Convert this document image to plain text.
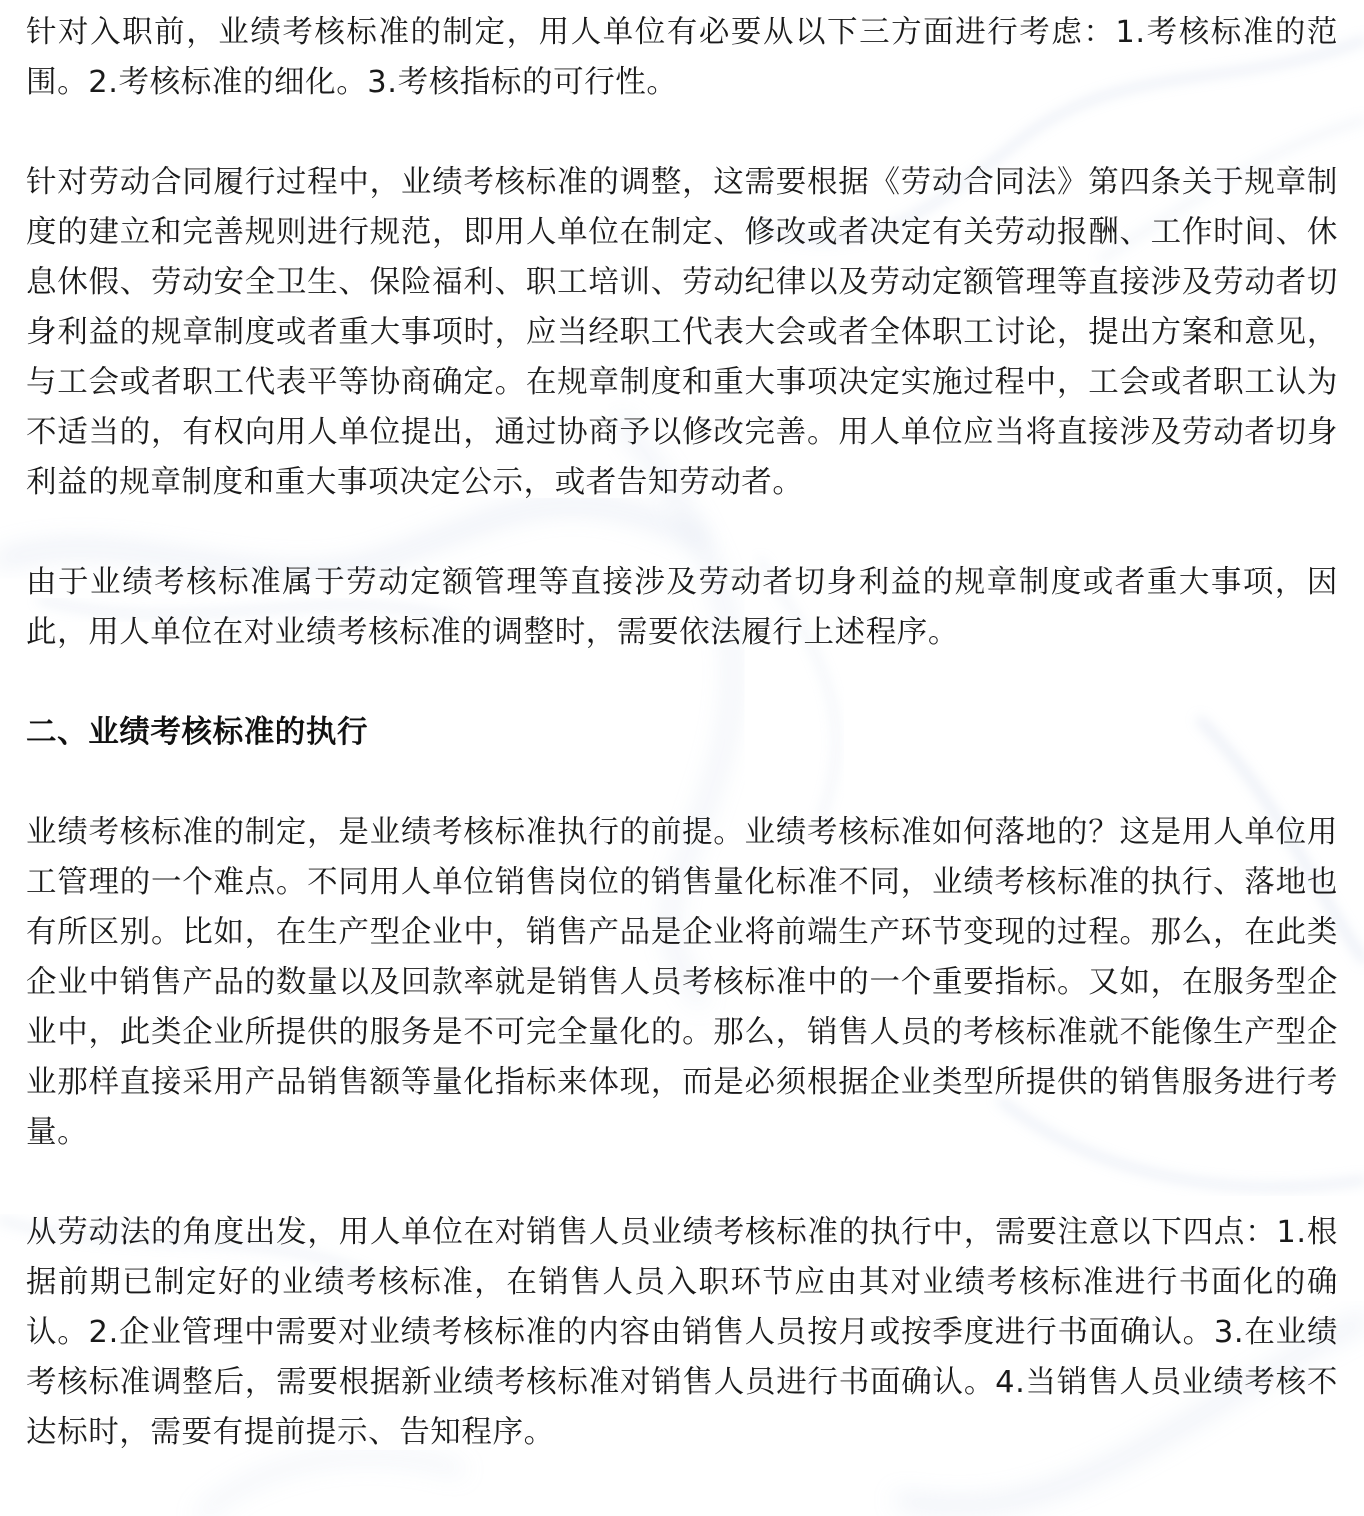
针对入职前，业绩考核标准的制定，用人单位有必要从以下三方面进行考虑：1.考核标准的范围。2.考核标准的细化。3.考核指标的可行性。

针对劳动合同履行过程中，业绩考核标准的调整，这需要根据《劳动合同法》第四条关于规章制度的建立和完善规则进行规范，即用人单位在制定、修改或者决定有关劳动报酬、工作时间、休息休假、劳动安全卫生、保险福利、职工培训、劳动纪律以及劳动定额管理等直接涉及劳动者切身利益的规章制度或者重大事项时，应当经职工代表大会或者全体职工讨论，提出方案和意见，与工会或者职工代表平等协商确定。在规章制度和重大事项决定实施过程中，工会或者职工认为不适当的，有权向用人单位提出，通过协商予以修改完善。用人单位应当将直接涉及劳动者切身利益的规章制度和重大事项决定公示，或者告知劳动者。

由于业绩考核标准属于劳动定额管理等直接涉及劳动者切身利益的规章制度或者重大事项，因此，用人单位在对业绩考核标准的调整时，需要依法履行上述程序。

二、业绩考核标准的执行

业绩考核标准的制定，是业绩考核标准执行的前提。业绩考核标准如何落地的？这是用人单位用工管理的一个难点。不同用人单位销售岗位的销售量化标准不同，业绩考核标准的执行、落地也有所区别。比如，在生产型企业中，销售产品是企业将前端生产环节变现的过程。那么，在此类企业中销售产品的数量以及回款率就是销售人员考核标准中的一个重要指标。又如，在服务型企业中，此类企业所提供的服务是不可完全量化的。那么，销售人员的考核标准就不能像生产型企业那样直接采用产品销售额等量化指标来体现，而是必须根据企业类型所提供的销售服务进行考量。

从劳动法的角度出发，用人单位在对销售人员业绩考核标准的执行中，需要注意以下四点：1.根据前期已制定好的业绩考核标准，在销售人员入职环节应由其对业绩考核标准进行书面化的确认。2.企业管理中需要对业绩考核标准的内容由销售人员按月或按季度进行书面确认。3.在业绩考核标准调整后，需要根据新业绩考核标准对销售人员进行书面确认。4.当销售人员业绩考核不达标时，需要有提前提示、告知程序。
